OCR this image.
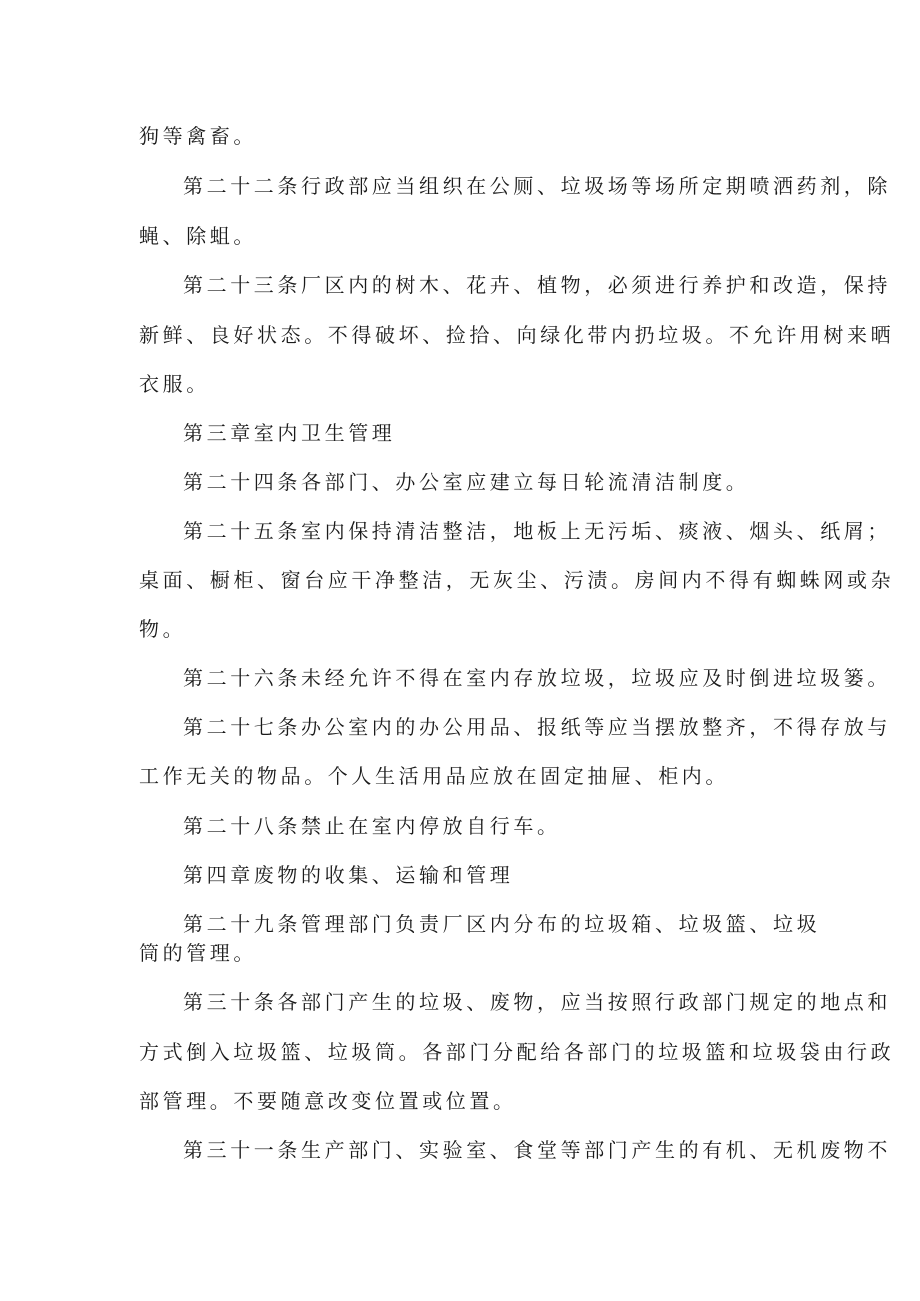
狗等禽畜。
第二十二条行政部应当组织在公厕、垃圾场等场所定期喷洒药剂，除
蝇、除蛆。
第二十三条厂区内的树木、花卉、植物，必须进行养护和改造，保持
新鲜、良好状态。不得破坏、捡拾、向绿化带内扔垃圾。不允许用树来晒
衣服。
第三章室内卫生管理
第二十四条各部门、办公室应建立每日轮流清洁制度。
第二十五条室内保持清洁整洁，地板上无污垢、痰液、烟头、纸屑；
桌面、橱柜、窗台应干净整洁，无灰尘、污渍。房间内不得有蜘蛛网或杂
物。
第二十六条未经允许不得在室内存放垃圾，垃圾应及时倒进垃圾篓。
第二十七条办公室内的办公用品、报纸等应当摆放整齐，不得存放与
工作无关的物品。个人生活用品应放在固定抽屉、柜内。
第二十八条禁止在室内停放自行车。
第四章废物的收集、运输和管理
第二十九条管理部门负责厂区内分布的垃圾箱、垃圾篮、垃圾
筒的管理。
第三十条各部门产生的垃圾、废物，应当按照行政部门规定的地点和
方式倒入垃圾篮、垃圾筒。各部门分配给各部门的垃圾篮和垃圾袋由行政
部管理。不要随意改变位置或位置。
第三十一条生产部门、实验室、食堂等部门产生的有机、无机废物不
